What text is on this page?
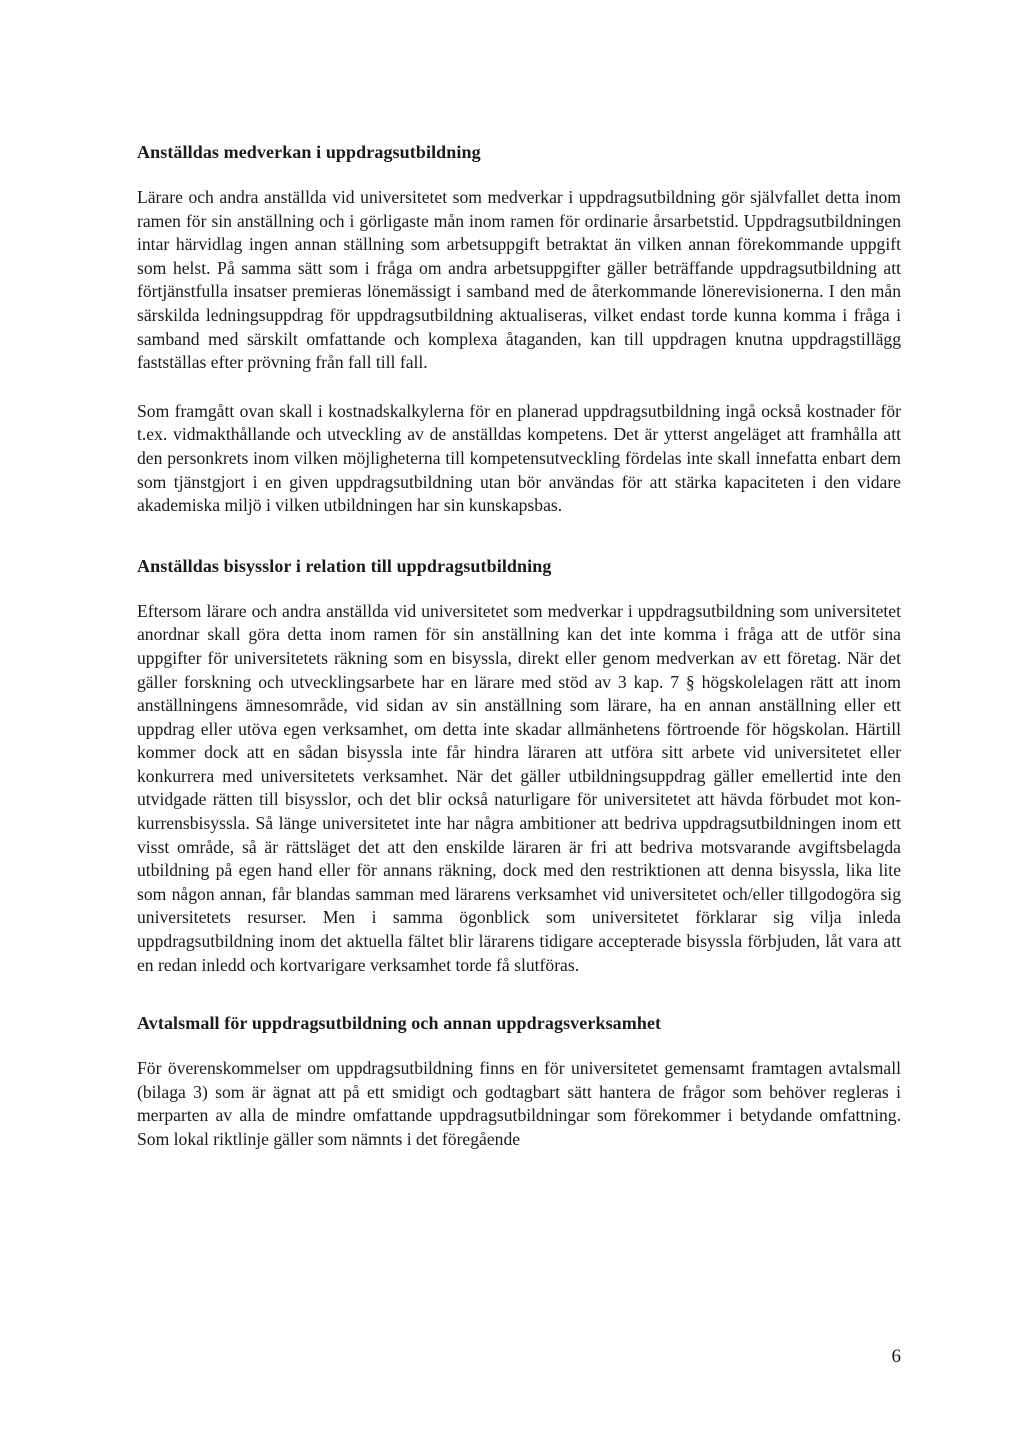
Anställdas medverkan i uppdragsutbildning

Lärare och andra anställda vid universitetet som medverkar i uppdragsutbildning gör självfallet detta inom ramen för sin anställning och i görligaste mån inom ramen för ordinarie årsarbetstid. Uppdragsutbildningen intar härvidlag ingen annan ställning som arbetsuppgift betraktat än vilken annan förekommande uppgift som helst. På samma sätt som i fråga om andra arbetsuppgifter gäller beträffande uppdragsutbildning att förtjänstfulla insatser premieras lönemässigt i samband med de återkommande lönerevisionerna. I den mån särskilda ledningsuppdrag för uppdragsutbildning aktualiseras, vilket endast torde kunna komma i fråga i samband med särskilt omfattande och komplexa åtaganden, kan till uppdragen knutna uppdragstillägg fastställas efter prövning från fall till fall.

Som framgått ovan skall i kostnadskalkylerna för en planerad uppdragsutbildning ingå också kostnader för t.ex. vidmakthållande och utveckling av de anställdas kompetens. Det är ytterst angeläget att framhålla att den personkrets inom vilken möjligheterna till kompetensutveckling fördelas inte skall innefatta enbart dem som tjänstgjort i en given uppdragsutbildning utan bör användas för att stärka kapaciteten i den vidare akademiska miljö i vilken utbildningen har sin kunskapsbas.

Anställdas bisysslor i relation till uppdragsutbildning

Eftersom lärare och andra anställda vid universitetet som medverkar i uppdragsutbildning som universitetet anordnar skall göra detta inom ramen för sin anställning kan det inte komma i fråga att de utför sina uppgifter för universitetets räkning som en bisyssla, direkt eller genom medverkan av ett företag. När det gäller forskning och utvecklingsarbete har en lärare med stöd av 3 kap. 7 § högskolelagen rätt att inom anställningens ämnesområde, vid sidan av sin anställning som lärare, ha en annan anställning eller ett uppdrag eller utöva egen verksamhet, om detta inte skadar allmänhetens förtroende för högskolan. Härtill kommer dock att en sådan bisyssla inte får hindra läraren att utföra sitt arbete vid universitetet eller konkurrera med universitetets verksamhet. När det gäller utbildningsuppdrag gäller emellertid inte den utvidgade rätten till bisysslor, och det blir också naturligare för universitetet att hävda förbudet mot konkurrensbisyssla. Så länge universitetet inte har några ambitioner att bedriva uppdragsutbildningen inom ett visst område, så är rättsläget det att den enskilde läraren är fri att bedriva motsvarande avgiftsbelagda utbildning på egen hand eller för annans räkning, dock med den restriktionen att denna bisyssla, lika lite som någon annan, får blandas samman med lärarens verksamhet vid universitetet och/eller tillgodogöra sig universitetets resurser. Men i samma ögonblick som universitetet förklarar sig vilja inleda uppdragsutbildning inom det aktuella fältet blir lärarens tidigare accepterade bisyssla förbjuden, låt vara att en redan inledd och kortvarigare verksamhet torde få slutföras.

Avtalsmall för uppdragsutbildning och annan uppdragsverksamhet

För överenskommelser om uppdragsutbildning finns en för universitetet gemensamt framtagen avtalsmall (bilaga 3) som är ägnat att på ett smidigt och godtagbart sätt hantera de frågor som behöver regleras i merparten av alla de mindre omfattande uppdragsutbildningar som förekommer i betydande omfattning. Som lokal riktlinje gäller som nämnts i det föregående

6
